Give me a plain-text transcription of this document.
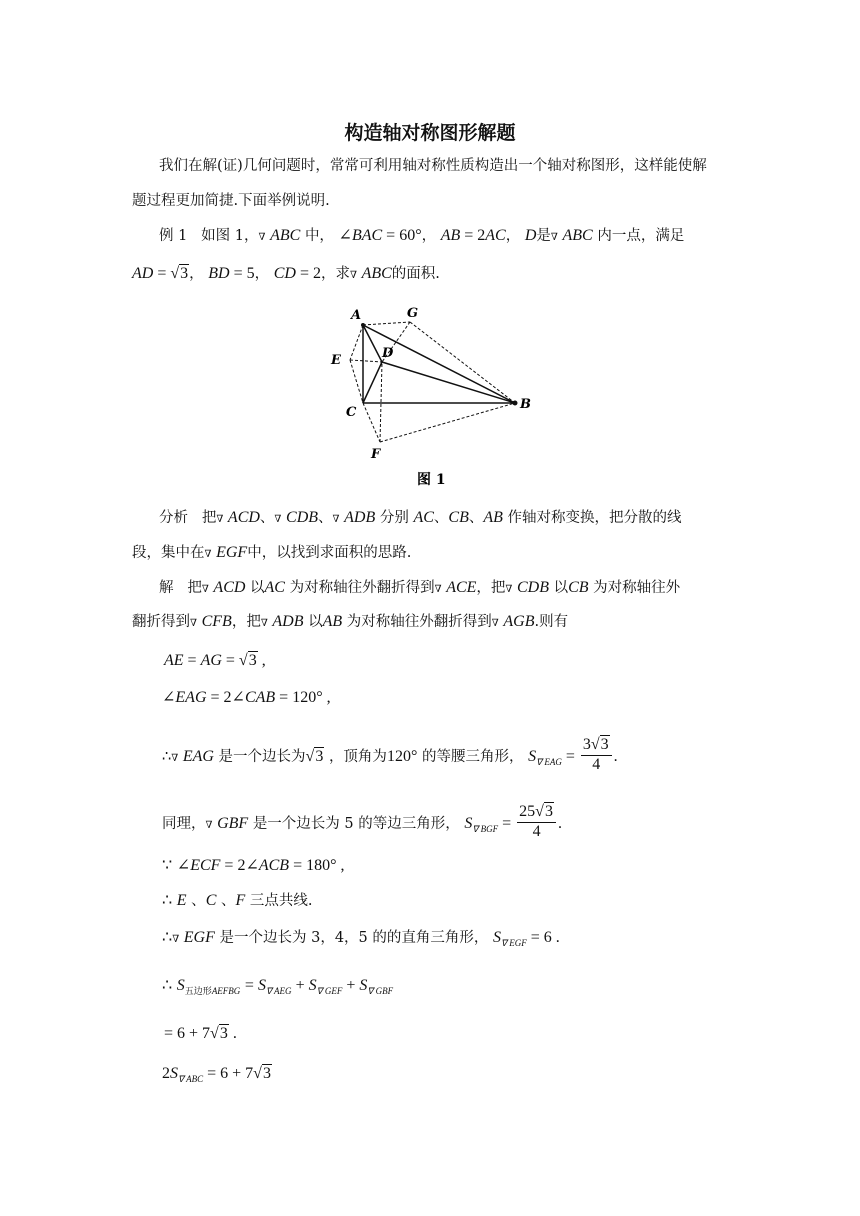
构造轴对称图形解题
我们在解(证)几何问题时，常常可利用轴对称性质构造出一个轴对称图形，这样能使解
题过程更加简捷.下面举例说明.
例 1 如图 1，∇ ABC 中， ∠BAC = 60°， AB = 2AC， D是∇ ABC 内一点，满足
AD = √3， BD = 5， CD = 2，求∇ ABC的面积.
A	G
E	D
C
B
F
图 1
分析 把∇ ACD、∇ CDB、∇ ADB 分别 AC、CB、AB 作轴对称变换，把分散的线
段，集中在∇ EGF中，以找到求面积的思路.
解 把∇ ACD 以AC 为对称轴往外翻折得到∇ ACE，把∇ CDB 以CB 为对称轴往外
翻折得到∇ CFB，把∇ ADB 以AB 为对称轴往外翻折得到∇ AGB.则有
AE = AG = √3 ,
∠EAG = 2∠CAB = 120° ,
∴∇ EAG 是一个边长为√3 ，顶角为120° 的等腰三角形， $S_{\nabla EAG} = \frac{3√3}{4}$ .
同理，∇ GBF 是一个边长为 5 的等边三角形， $S_{\nabla BGF} = \frac{25√3}{4}$ .
∵ ∠ECF = 2∠ACB = 180° ,
∴ E 、C 、F 三点共线.
∴∇ EGF 是一个边长为 3，4，5 的的直角三角形， $S_{\nabla EGF} = 6$ .
∴ $S_{五边形AEFBG} = S_{\nabla AEG} + S_{\nabla GEF} + S_{\nabla GBF}$
= 6 + 7√3 .
$2S_{\nabla ABC} = 6 + 7√3$
